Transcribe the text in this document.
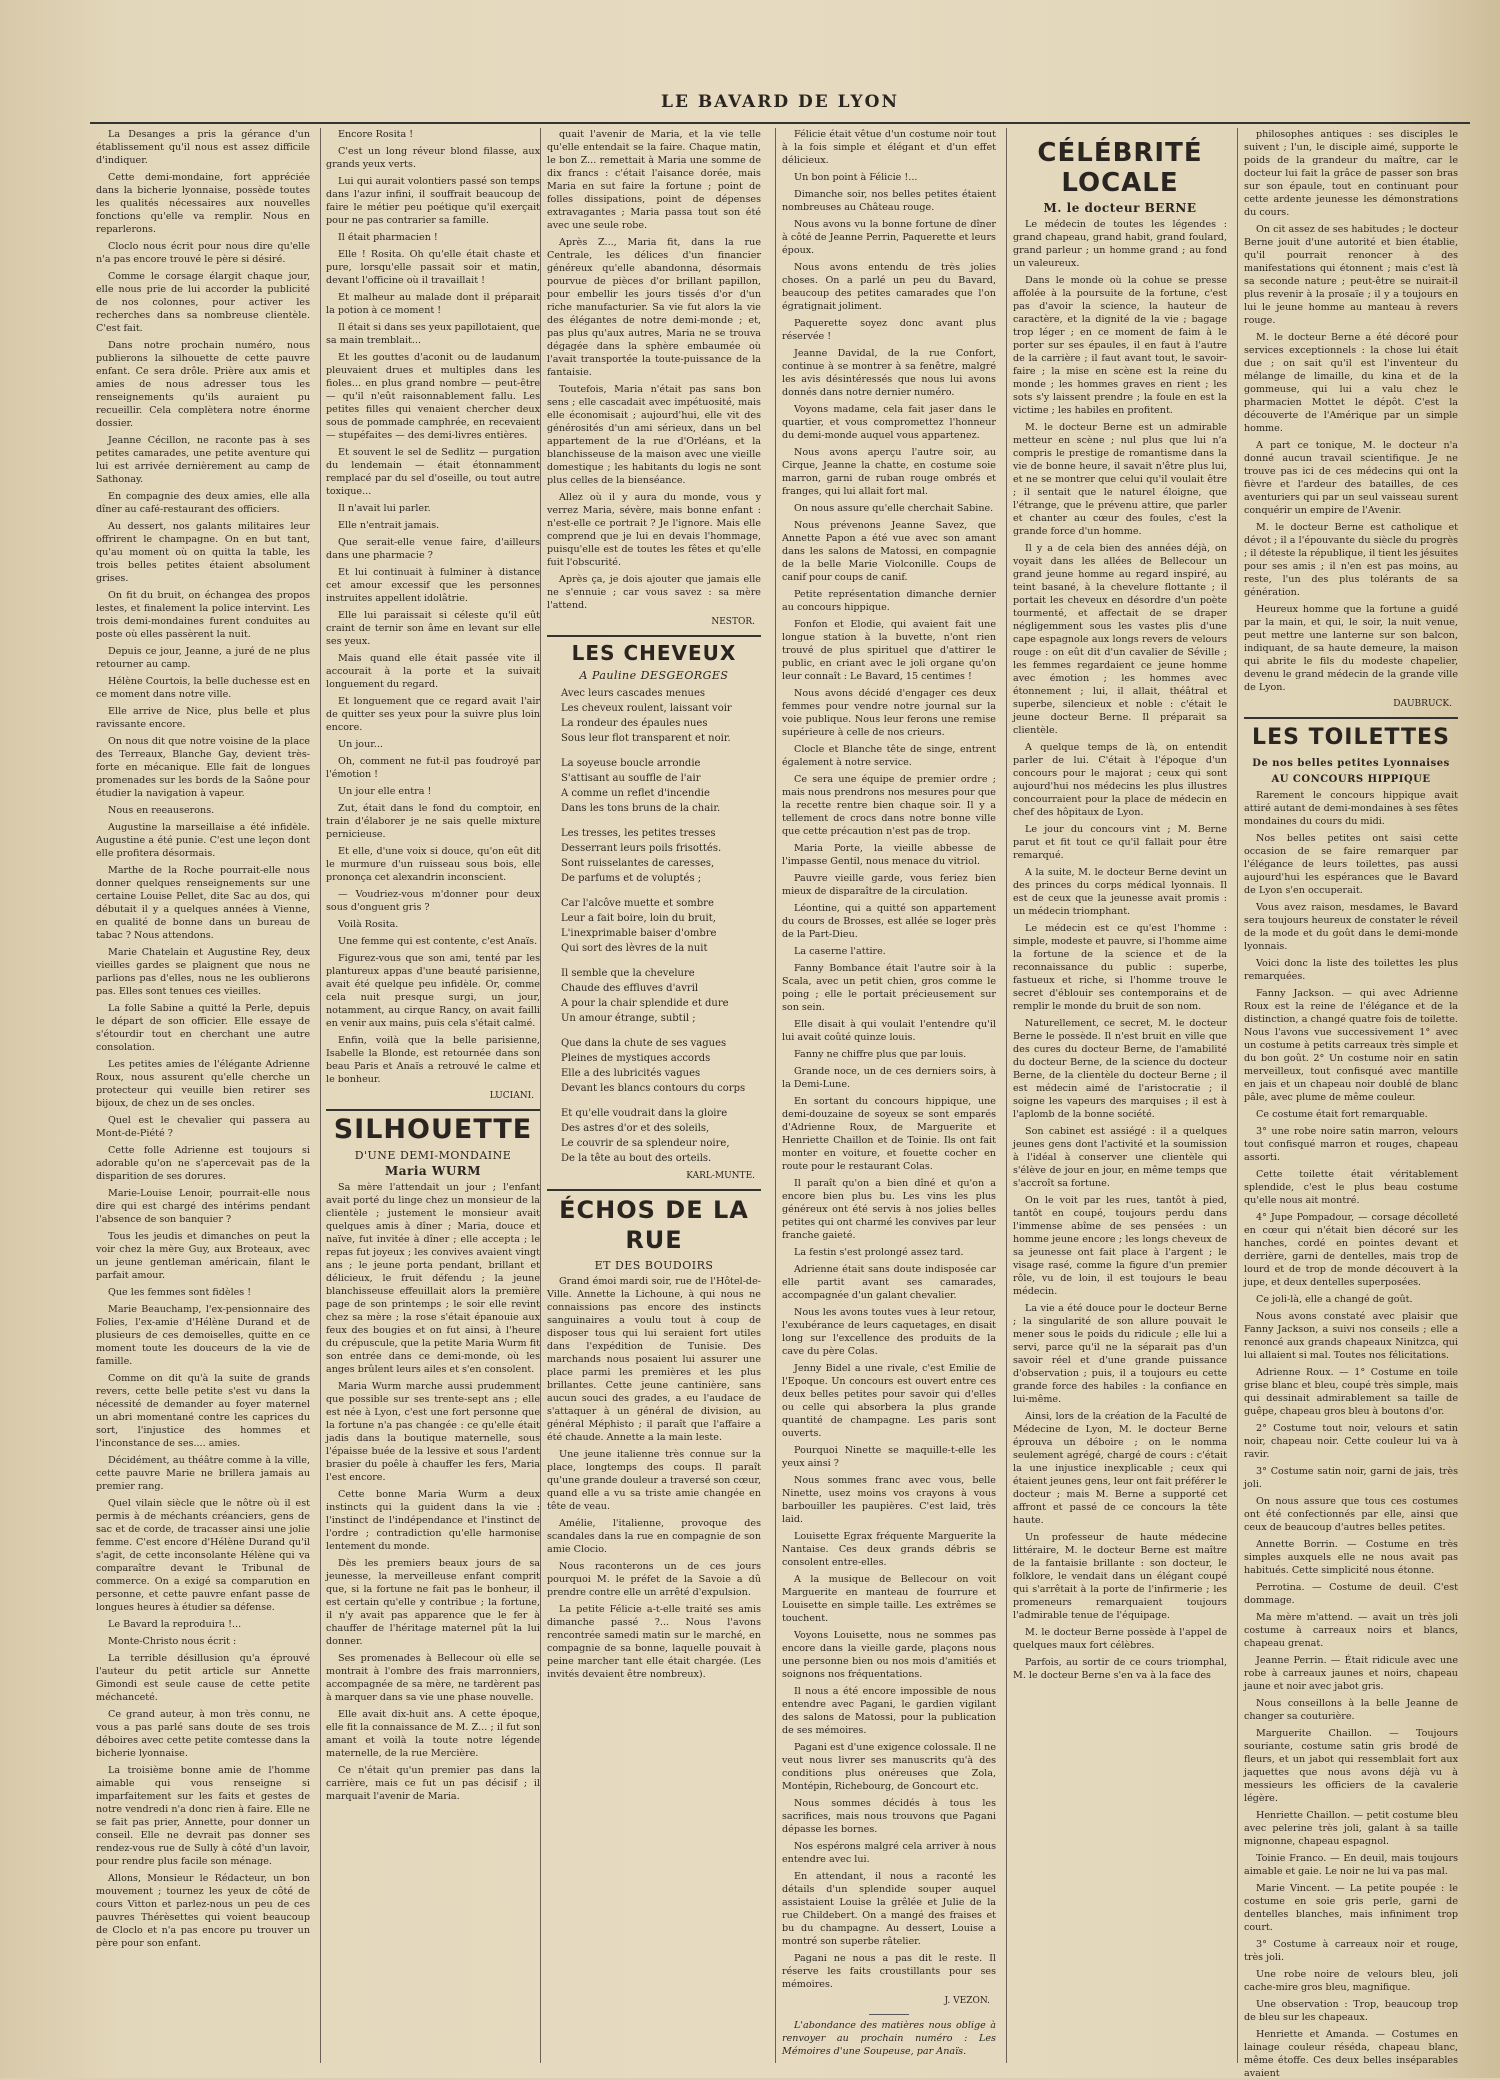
LE BAVARD DE LYON

La Desanges a pris la gérance d'un établissement qu'il nous est assez difficile d'indiquer.

Cette demi-mondaine, fort appréciée dans la bicherie lyonnaise, possède toutes les qualités nécessaires aux nouvelles fonctions qu'elle va remplir. Nous en reparlerons.

Cloclo nous écrit pour nous dire qu'elle n'a pas encore trouvé le père si désiré.

Comme le corsage élargit chaque jour, elle nous prie de lui accorder la publicité de nos colonnes, pour activer les recherches dans sa nombreuse clientèle. C'est fait.

Dans notre prochain numéro, nous publierons la silhouette de cette pauvre enfant. Ce sera drôle. Prière aux amis et amies de nous adresser tous les renseignements qu'ils auraient pu recueillir. Cela complètera notre énorme dossier.

Jeanne Cécillon, ne raconte pas à ses petites camarades, une petite aventure qui lui est arrivée dernièrement au camp de Sathonay.

En compagnie des deux amies, elle alla dîner au café-restaurant des officiers.

Au dessert, nos galants militaires leur offrirent le champagne. On en but tant, qu'au moment où on quitta la table, les trois belles petites étaient absolument grises.

On fit du bruit, on échangea des propos lestes, et finalement la police intervint. Les trois demi-mondaines furent conduites au poste où elles passèrent la nuit.

Depuis ce jour, Jeanne, a juré de ne plus retourner au camp.

Hélène Courtois, la belle duchesse est en ce moment dans notre ville.

Elle arrive de Nice, plus belle et plus ravissante encore.

On nous dit que notre voisine de la place des Terreaux, Blanche Gay, devient très-forte en mécanique. Elle fait de longues promenades sur les bords de la Saône pour étudier la navigation à vapeur.

Nous en reeauserons.

Augustine la marseillaise a été infidèle. Augustine a été punie. C'est une leçon dont elle profitera désormais.

Marthe de la Roche pourrait-elle nous donner quelques renseignements sur une certaine Louise Pellet, dite Sac au dos, qui débutait il y a quelques années à Vienne, en qualité de bonne dans un bureau de tabac ? Nous attendons.

Marie Chatelain et Augustine Rey, deux vieilles gardes se plaignent que nous ne parlions pas d'elles, nous ne les oublierons pas. Elles sont tenues ces vieilles.

La folle Sabine a quitté la Perle, depuis le départ de son officier. Elle essaye de s'étourdir tout en cherchant une autre consolation.

Les petites amies de l'élégante Adrienne Roux, nous assurent qu'elle cherche un protecteur qui veuille bien retirer ses bijoux, de chez un de ses oncles.

Quel est le chevalier qui passera au Mont-de-Piété ?

Cette folle Adrienne est toujours si adorable qu'on ne s'apercevait pas de la disparition de ses dorures.

Marie-Louise Lenoir, pourrait-elle nous dire qui est chargé des intérims pendant l'absence de son banquier ?

Tous les jeudis et dimanches on peut la voir chez la mère Guy, aux Broteaux, avec un jeune gentleman américain, filant le parfait amour.

Que les femmes sont fidèles !

Marie Beauchamp, l'ex-pensionnaire des Folies, l'ex-amie d'Hélène Durand et de plusieurs de ces demoiselles, quitte en ce moment toute les douceurs de la vie de famille.

Comme on dit qu'à la suite de grands revers, cette belle petite s'est vu dans la nécessité de demander au foyer maternel un abri momentané contre les caprices du sort, l'injustice des hommes et l'inconstance de ses.... amies.

Décidément, au théâtre comme à la ville, cette pauvre Marie ne brillera jamais au premier rang.

Quel vilain siècle que le nôtre où il est permis à de méchants créanciers, gens de sac et de corde, de tracasser ainsi une jolie femme. C'est encore d'Hélène Durand qu'il s'agit, de cette inconsolante Hélène qui va comparaître devant le Tribunal de commerce. On a exigé sa comparution en personne, et cette pauvre enfant passe de longues heures à étudier sa défense.

Le Bavard la reproduira !...

Monte-Christo nous écrit :

La terrible désillusion qu'a éprouvé l'auteur du petit article sur Annette Gimondi est seule cause de cette petite méchanceté.

Ce grand auteur, à mon très connu, ne vous a pas parlé sans doute de ses trois déboires avec cette petite comtesse dans la bicherie lyonnaise.

La troisième bonne amie de l'homme aimable qui vous renseigne si imparfaitement sur les faits et gestes de notre vendredi n'a donc rien à faire. Elle ne se fait pas prier, Annette, pour donner un conseil. Elle ne devrait pas donner ses rendez-vous rue de Sully à côté d'un lavoir, pour rendre plus facile son ménage.

Allons, Monsieur le Rédacteur, un bon mouvement ; tournez les yeux de côté de cours Vitton et parlez-nous un peu de ces pauvres Thérèsettes qui voient beaucoup de Cloclo et n'a pas encore pu trouver un père pour son enfant.

Encore Rosita !

C'est un long réveur blond filasse, aux grands yeux verts.

Lui qui aurait volontiers passé son temps dans l'azur infini, il souffrait beaucoup de faire le métier peu poétique qu'il exerçait pour ne pas contrarier sa famille.

Il était pharmacien !

Elle ! Rosita. Oh qu'elle était chaste et pure, lorsqu'elle passait soir et matin, devant l'officine où il travaillait !

Et malheur au malade dont il préparait la potion à ce moment !

Il était si dans ses yeux papillotaient, que sa main tremblait...

Et les gouttes d'aconit ou de laudanum pleuvaient drues et multiples dans les fioles... en plus grand nombre — peut-être — qu'il n'eût raisonnablement fallu. Les petites filles qui venaient chercher deux sous de pommade camphrée, en recevaient — stupéfaites — des demi-livres entières.

Et souvent le sel de Sedlitz — purgation du lendemain — était étonnamment remplacé par du sel d'oseille, ou tout autre toxique...

Il n'avait lui parler.

Elle n'entrait jamais.

Que serait-elle venue faire, d'ailleurs dans une pharmacie ?

Et lui continuait à fulminer à distance cet amour excessif que les personnes instruites appellent idolâtrie.

Elle lui paraissait si céleste qu'il eût craint de ternir son âme en levant sur elle ses yeux.

Mais quand elle était passée vite il accourait à la porte et la suivait longuement du regard.

Et longuement que ce regard avait l'air de quitter ses yeux pour la suivre plus loin encore.

Un jour...

Oh, comment ne fut-il pas foudroyé par l'émotion !

Un jour elle entra !

Zut, était dans le fond du comptoir, en train d'élaborer je ne sais quelle mixture pernicieuse.

Et elle, d'une voix si douce, qu'on eût dit le murmure d'un ruisseau sous bois, elle prononça cet alexandrin inconscient.

— Voudriez-vous m'donner pour deux sous d'onguent gris ?

Voilà Rosita.

Une femme qui est contente, c'est Anaïs.

Figurez-vous que son ami, tenté par les plantureux appas d'une beauté parisienne, avait été quelque peu infidèle. Or, comme cela nuit presque surgi, un jour, notamment, au cirque Rancy, on avait failli en venir aux mains, puis cela s'était calmé.

Enfin, voilà que la belle parisienne, Isabelle la Blonde, est retournée dans son beau Paris et Anaïs a retrouvé le calme et le bonheur.

LUCIANI.
SILHOUETTE
D'UNE DEMI-MONDAINE
Maria WURM

Sa mère l'attendait un jour ; l'enfant avait porté du linge chez un monsieur de la clientèle ; justement le monsieur avait quelques amis à dîner ; Maria, douce et naïve, fut invitée à dîner ; elle accepta ; le repas fut joyeux ; les convives avaient vingt ans ; le jeune porta pendant, brillant et délicieux, le fruit défendu ; la jeune blanchisseuse effeuillait alors la première page de son printemps ; le soir elle revint chez sa mère ; la rose s'était épanouie aux feux des bougies et on fut ainsi, à l'heure du crépuscule, que la petite Maria Wurm fit son entrée dans ce demi-monde, où les anges brûlent leurs ailes et s'en consolent.

Maria Wurm marche aussi prudemment que possible sur ses trente-sept ans ; elle est née à Lyon, c'est une fort personne que la fortune n'a pas changée : ce qu'elle était jadis dans la boutique maternelle, sous l'épaisse buée de la lessive et sous l'ardent brasier du poêle à chauffer les fers, Maria l'est encore.

Cette bonne Maria Wurm a deux instincts qui la guident dans la vie : l'instinct de l'indépendance et l'instinct de l'ordre ; contradiction qu'elle harmonise lentement du monde.

Dès les premiers beaux jours de sa jeunesse, la merveilleuse enfant comprit que, si la fortune ne fait pas le bonheur, il est certain qu'elle y contribue ; la fortune, il n'y avait pas apparence que le fer à chauffer de l'héritage maternel pût la lui donner.

Ses promenades à Bellecour où elle se montrait à l'ombre des frais marronniers, accompagnée de sa mère, ne tardèrent pas à marquer dans sa vie une phase nouvelle.

Elle avait dix-huit ans. A cette époque, elle fit la connaissance de M. Z... ; il fut son amant et voilà la toute notre légende maternelle, de la rue Mercière.

Ce n'était qu'un premier pas dans la carrière, mais ce fut un pas décisif ; il marquait l'avenir de Maria.

quait l'avenir de Maria, et la vie telle qu'elle entendait se la faire. Chaque matin, le bon Z... remettait à Maria une somme de dix francs : c'était l'aisance dorée, mais Maria en sut faire la fortune ; point de folles dissipations, point de dépenses extravagantes ; Maria passa tout son été avec une seule robe.

Après Z..., Maria fit, dans la rue Centrale, les délices d'un financier généreux qu'elle abandonna, désormais pourvue de pièces d'or brillant papillon, pour embellir les jours tissés d'or d'un riche manufacturier. Sa vie fut alors la vie des élégantes de notre demi-monde ; et, pas plus qu'aux autres, Maria ne se trouva dégagée dans la sphère embaumée où l'avait transportée la toute-puissance de la fantaisie.

Toutefois, Maria n'était pas sans bon sens ; elle cascadait avec impétuosité, mais elle économisait ; aujourd'hui, elle vit des générosités d'un ami sérieux, dans un bel appartement de la rue d'Orléans, et la blanchisseuse de la maison avec une vieille domestique ; les habitants du logis ne sont plus celles de la bienséance.

Allez où il y aura du monde, vous y verrez Maria, sévère, mais bonne enfant : n'est-elle ce portrait ? Je l'ignore. Mais elle comprend que je lui en devais l'hommage, puisqu'elle est de toutes les fêtes et qu'elle fuit l'obscurité.

Après ça, je dois ajouter que jamais elle ne s'ennuie ; car vous savez : sa mère l'attend.

NESTOR.
LES CHEVEUX
A Pauline DESGEORGES
Avec leurs cascades menues
Les cheveux roulent, laissant voir
La rondeur des épaules nues
Sous leur flot transparent et noir.
La soyeuse boucle arrondie
S'attisant au souffle de l'air
A comme un reflet d'incendie
Dans les tons bruns de la chair.
Les tresses, les petites tresses
Desserrant leurs poils frisottés.
Sont ruisselantes de caresses,
De parfums et de voluptés ;
Car l'alcôve muette et sombre
Leur a fait boire, loin du bruit,
L'inexprimable baiser d'ombre
Qui sort des lèvres de la nuit
Il semble que la chevelure
Chaude des effluves d'avril
A pour la chair splendide et dure
Un amour étrange, subtil ;
Que dans la chute de ses vagues
Pleines de mystiques accords
Elle a des lubricités vagues
Devant les blancs contours du corps
Et qu'elle voudrait dans la gloire
Des astres d'or et des soleils,
Le couvrir de sa splendeur noire,
De la tête au bout des orteils.
KARL-MUNTE.
ÉCHOS DE LA RUE
ET DES BOUDOIRS

Grand émoi mardi soir, rue de l'Hôtel-de-Ville. Annette la Lichoune, à qui nous ne connaissions pas encore des instincts sanguinaires a voulu tout à coup de disposer tous qui lui seraient fort utiles dans l'expédition de Tunisie. Des marchands nous posaient lui assurer une place parmi les premières et les plus brillantes. Cette jeune cantinière, sans aucun souci des grades, a eu l'audace de s'attaquer à un général de division, au général Méphisto ; il paraît que l'affaire a été chaude. Annette a la main leste.

Une jeune italienne très connue sur la place, longtemps des coups. Il paraît qu'une grande douleur a traversé son cœur, quand elle a vu sa triste amie changée en tête de veau.

Amélie, l'italienne, provoque des scandales dans la rue en compagnie de son amie Clocio.

Nous raconterons un de ces jours pourquoi M. le préfet de la Savoie a dû prendre contre elle un arrêté d'expulsion.

La petite Félicie a-t-elle traité ses amis dimanche passé ?... Nous l'avons rencontrée samedi matin sur le marché, en compagnie de sa bonne, laquelle pouvait à peine marcher tant elle était chargée. (Les invités devaient être nombreux).

Félicie était vêtue d'un costume noir tout à la fois simple et élégant et d'un effet délicieux.

Un bon point à Félicie !...

Dimanche soir, nos belles petites étaient nombreuses au Château rouge.

Nous avons vu la bonne fortune de dîner à côté de Jeanne Perrin, Paquerette et leurs époux.

Nous avons entendu de très jolies choses. On a parlé un peu du Bavard, beaucoup des petites camarades que l'on égratignait joliment.

Paquerette soyez donc avant plus réservée !

Jeanne Davidal, de la rue Confort, continue à se montrer à sa fenêtre, malgré les avis désintéressés que nous lui avons donnés dans notre dernier numéro.

Voyons madame, cela fait jaser dans le quartier, et vous compromettez l'honneur du demi-monde auquel vous appartenez.

Nous avons aperçu l'autre soir, au Cirque, Jeanne la chatte, en costume soie marron, garni de ruban rouge ombrés et franges, qui lui allait fort mal.

On nous assure qu'elle cherchait Sabine.

Nous prévenons Jeanne Savez, que Annette Papon a été vue avec son amant dans les salons de Matossi, en compagnie de la belle Marie Violconille. Coups de canif pour coups de canif.

Petite représentation dimanche dernier au concours hippique.

Fonfon et Elodie, qui avaient fait une longue station à la buvette, n'ont rien trouvé de plus spirituel que d'attirer le public, en criant avec le joli organe qu'on leur connaît : Le Bavard, 15 centimes !

Nous avons décidé d'engager ces deux femmes pour vendre notre journal sur la voie publique. Nous leur ferons une remise supérieure à celle de nos crieurs.

Clocle et Blanche tête de singe, entrent également à notre service.

Ce sera une équipe de premier ordre ; mais nous prendrons nos mesures pour que la recette rentre bien chaque soir. Il y a tellement de crocs dans notre bonne ville que cette précaution n'est pas de trop.

Maria Porte, la vieille abbesse de l'impasse Gentil, nous menace du vitriol.

Pauvre vieille garde, vous feriez bien mieux de disparaître de la circulation.

Léontine, qui a quitté son appartement du cours de Brosses, est allée se loger près de la Part-Dieu.

La caserne l'attire.

Fanny Bombance était l'autre soir à la Scala, avec un petit chien, gros comme le poing ; elle le portait précieusement sur son sein.

Elle disait à qui voulait l'entendre qu'il lui avait coûté quinze louis.

Fanny ne chiffre plus que par louis.

Grande noce, un de ces derniers soirs, à la Demi-Lune.

En sortant du concours hippique, une demi-douzaine de soyeux se sont emparés d'Adrienne Roux, de Marguerite et Henriette Chaillon et de Toinie. Ils ont fait monter en voiture, et fouette cocher en route pour le restaurant Colas.

Il paraît qu'on a bien dîné et qu'on a encore bien plus bu. Les vins les plus généreux ont été servis à nos jolies belles petites qui ont charmé les convives par leur franche gaieté.

La festin s'est prolongé assez tard.

Adrienne était sans doute indisposée car elle partit avant ses camarades, accompagnée d'un galant chevalier.

Nous les avons toutes vues à leur retour, l'exubérance de leurs caquetages, en disait long sur l'excellence des produits de la cave du père Colas.

Jenny Bidel a une rivale, c'est Emilie de l'Epoque. Un concours est ouvert entre ces deux belles petites pour savoir qui d'elles ou celle qui absorbera la plus grande quantité de champagne. Les paris sont ouverts.

Pourquoi Ninette se maquille-t-elle les yeux ainsi ?

Nous sommes franc avec vous, belle Ninette, usez moins vos crayons à vous barbouiller les paupières. C'est laid, très laid.

Louisette Egrax fréquente Marguerite la Nantaise. Ces deux grands débris se consolent entre-elles.

A la musique de Bellecour on voit Marguerite en manteau de fourrure et Louisette en simple taille. Les extrêmes se touchent.

Voyons Louisette, nous ne sommes pas encore dans la vieille garde, plaçons nous une personne bien ou nos mois d'amitiés et soignons nos fréquentations.

Il nous a été encore impossible de nous entendre avec Pagani, le gardien vigilant des salons de Matossi, pour la publication de ses mémoires.

Pagani est d'une exigence colossale. Il ne veut nous livrer ses manuscrits qu'à des conditions plus onéreuses que Zola, Montépin, Richebourg, de Goncourt etc.

Nous sommes décidés à tous les sacrifices, mais nous trouvons que Pagani dépasse les bornes.

Nos espérons malgré cela arriver à nous entendre avec lui.

En attendant, il nous a raconté les détails d'un splendide souper auquel assistaient Louise la grêlée et Julie de la rue Childebert. On a mangé des fraises et bu du champagne. Au dessert, Louise a montré son superbe râtelier.

Pagani ne nous a pas dit le reste. Il réserve les faits croustillants pour ses mémoires.

J. VEZON.

L'abondance des matières nous oblige à renvoyer au prochain numéro : Les Mémoires d'une Soupeuse, par Anaïs.

CÉLÉBRITÉ LOCALE
M. le docteur BERNE

Le médecin de toutes les légendes : grand chapeau, grand habit, grand foulard, grand parleur ; un homme grand ; au fond un valeureux.

Dans le monde où la cohue se presse affolée à la poursuite de la fortune, c'est pas d'avoir la science, la hauteur de caractère, et la dignité de la vie ; bagage trop léger ; en ce moment de faim à le porter sur ses épaules, il en faut à l'autre de la carrière ; il faut avant tout, le savoir-faire ; la mise en scène est la reine du monde ; les hommes graves en rient ; les sots s'y laissent prendre ; la foule en est la victime ; les habiles en profitent.

M. le docteur Berne est un admirable metteur en scène ; nul plus que lui n'a compris le prestige de romantisme dans la vie de bonne heure, il savait n'être plus lui, et ne se montrer que celui qu'il voulait être ; il sentait que le naturel éloigne, que l'étrange, que le prévenu attire, que parler et chanter au cœur des foules, c'est la grande force d'un homme.

Il y a de cela bien des années déjà, on voyait dans les allées de Bellecour un grand jeune homme au regard inspiré, au teint basané, à la chevelure flottante ; il portait les cheveux en désordre d'un poète tourmenté, et affectait de se draper négligemment sous les vastes plis d'une cape espagnole aux longs revers de velours rouge : on eût dit d'un cavalier de Séville ; les femmes regardaient ce jeune homme avec émotion ; les hommes avec étonnement ; lui, il allait, théâtral et superbe, silencieux et noble : c'était le jeune docteur Berne. Il préparait sa clientèle.

A quelque temps de là, on entendit parler de lui. C'était à l'époque d'un concours pour le majorat ; ceux qui sont aujourd'hui nos médecins les plus illustres concourraient pour la place de médecin en chef des hôpitaux de Lyon.

Le jour du concours vint ; M. Berne parut et fit tout ce qu'il fallait pour être remarqué.

A la suite, M. le docteur Berne devint un des princes du corps médical lyonnais. Il est de ceux que la jeunesse avait promis : un médecin triomphant.

Le médecin est ce qu'est l'homme : simple, modeste et pauvre, si l'homme aime la fortune de la science et de la reconnaissance du public : superbe, fastueux et riche, si l'homme trouve le secret d'éblouir ses contemporains et de remplir le monde du bruit de son nom.

Naturellement, ce secret, M. le docteur Berne le possède. Il n'est bruit en ville que des cures du docteur Berne, de l'amabilité du docteur Berne, de la science du docteur Berne, de la clientèle du docteur Berne ; il est médecin aimé de l'aristocratie ; il soigne les vapeurs des marquises ; il est à l'aplomb de la bonne société.

Son cabinet est assiégé : il a quelques jeunes gens dont l'activité et la soumission à l'idéal à conserver une clientèle qui s'élève de jour en jour, en même temps que s'accroît sa fortune.

On le voit par les rues, tantôt à pied, tantôt en coupé, toujours perdu dans l'immense abîme de ses pensées : un homme jeune encore ; les longs cheveux de sa jeunesse ont fait place à l'argent ; le visage rasé, comme la figure d'un premier rôle, vu de loin, il est toujours le beau médecin.

La vie a été douce pour le docteur Berne ; la singularité de son allure pouvait le mener sous le poids du ridicule ; elle lui a servi, parce qu'il ne la séparait pas d'un savoir réel et d'une grande puissance d'observation ; puis, il a toujours eu cette grande force des habiles : la confiance en lui-même.

Ainsi, lors de la création de la Faculté de Médecine de Lyon, M. le docteur Berne éprouva un déboire ; on le nomma seulement agrégé, chargé de cours : c'était la une injustice inexplicable ; ceux qui étaient jeunes gens, leur ont fait préférer le docteur ; mais M. Berne a supporté cet affront et passé de ce concours la tête haute.

Un professeur de haute médecine littéraire, M. le docteur Berne est maître de la fantaisie brillante : son docteur, le folklore, le vendait dans un élégant coupé qui s'arrêtait à la porte de l'infirmerie ; les promeneurs remarquaient toujours l'admirable tenue de l'équipage.

M. le docteur Berne possède à l'appel de quelques maux fort célèbres.

Parfois, au sortir de ce cours triomphal, M. le docteur Berne s'en va à la face des

philosophes antiques : ses disciples le suivent ; l'un, le disciple aimé, supporte le poids de la grandeur du maître, car le docteur lui fait la grâce de passer son bras sur son épaule, tout en continuant pour cette ardente jeunesse les démonstrations du cours.

On cit assez de ses habitudes ; le docteur Berne jouit d'une autorité et bien établie, qu'il pourrait renoncer à des manifestations qui étonnent ; mais c'est là sa seconde nature ; peut-être se nuirait-il plus revenir à la prosaïe ; il y a toujours en lui le jeune homme au manteau à revers rouge.

M. le docteur Berne a été décoré pour services exceptionnels : la chose lui était due ; on sait qu'il est l'inventeur du mélange de limaille, du kina et de la gommeuse, qui lui a valu chez le pharmacien Mottet le dépôt. C'est la découverte de l'Amérique par un simple homme.

A part ce tonique, M. le docteur n'a donné aucun travail scientifique. Je ne trouve pas ici de ces médecins qui ont la fièvre et l'ardeur des batailles, de ces aventuriers qui par un seul vaisseau surent conquérir un empire de l'Avenir.

M. le docteur Berne est catholique et dévot ; il a l'épouvante du siècle du progrès ; il déteste la république, il tient les jésuites pour ses amis ; il n'en est pas moins, au reste, l'un des plus tolérants de sa génération.

Heureux homme que la fortune a guidé par la main, et qui, le soir, la nuit venue, peut mettre une lanterne sur son balcon, indiquant, de sa haute demeure, la maison qui abrite le fils du modeste chapelier, devenu le grand médecin de la grande ville de Lyon.

DAUBRUCK.
LES TOILETTES
De nos belles petites Lyonnaises
AU CONCOURS HIPPIQUE

Rarement le concours hippique avait attiré autant de demi-mondaines à ses fêtes mondaines du cours du midi.

Nos belles petites ont saisi cette occasion de se faire remarquer par l'élégance de leurs toilettes, pas aussi aujourd'hui les espérances que le Bavard de Lyon s'en occuperait.

Vous avez raison, mesdames, le Bavard sera toujours heureux de constater le réveil de la mode et du goût dans le demi-monde lyonnais.

Voici donc la liste des toilettes les plus remarquées.

Fanny Jackson. — qui avec Adrienne Roux est la reine de l'élégance et de la distinction, a changé quatre fois de toilette. Nous l'avons vue successivement 1° avec un costume à petits carreaux très simple et du bon goût. 2° Un costume noir en satin merveilleux, tout confisqué avec mantille en jais et un chapeau noir doublé de blanc pâle, avec plume de même couleur.

Ce costume était fort remarquable.

3° une robe noire satin marron, velours tout confisqué marron et rouges, chapeau assorti.

Cette toilette était véritablement splendide, c'est le plus beau costume qu'elle nous ait montré.

4° Jupe Pompadour, — corsage décolleté en cœur qui n'était bien décoré sur les hanches, cordé en pointes devant et derrière, garni de dentelles, mais trop de lourd et de trop de monde découvert à la jupe, et deux dentelles superposées.

Ce joli-là, elle a changé de goût.

Nous avons constaté avec plaisir que Fanny Jackson, a suivi nos conseils ; elle a renoncé aux grands chapeaux Ninitzca, qui lui allaient si mal. Toutes nos félicitations.

Adrienne Roux. — 1° Costume en toile grise blanc et bleu, coupé très simple, mais qui dessinait admirablement sa taille de guêpe, chapeau gros bleu à boutons d'or.

2° Costume tout noir, velours et satin noir, chapeau noir. Cette couleur lui va à ravir.

3° Costume satin noir, garni de jais, très joli.

On nous assure que tous ces costumes ont été confectionnés par elle, ainsi que ceux de beaucoup d'autres belles petites.

Annette Borrin. — Costume en très simples auxquels elle ne nous avait pas habitués. Cette simplicité nous étonne.

Perrotina. — Costume de deuil. C'est dommage.

Ma mère m'attend. — avait un très joli costume à carreaux noirs et blancs, chapeau grenat.

Jeanne Perrin. — Était ridicule avec une robe à carreaux jaunes et noirs, chapeau jaune et noir avec jabot gris.

Nous conseillons à la belle Jeanne de changer sa couturière.

Marguerite Chaillon. — Toujours souriante, costume satin gris brodé de fleurs, et un jabot qui ressemblait fort aux jaquettes que nous avons déjà vu à messieurs les officiers de la cavalerie légère.

Henriette Chaillon. — petit costume bleu avec pelerine très joli, galant à sa taille mignonne, chapeau espagnol.

Toinie Franco. — En deuil, mais toujours aimable et gaie. Le noir ne lui va pas mal.

Marie Vincent. — La petite poupée : le costume en soie gris perle, garni de dentelles blanches, mais infiniment trop court.

3° Costume à carreaux noir et rouge, très joli.

Une robe noire de velours bleu, joli cache-mire gros bleu, magnifique.

Une observation : Trop, beaucoup trop de bleu sur les chapeaux.

Henriette et Amanda. — Costumes en lainage couleur réséda, chapeau blanc, même étoffe. Ces deux belles inséparables avaient
